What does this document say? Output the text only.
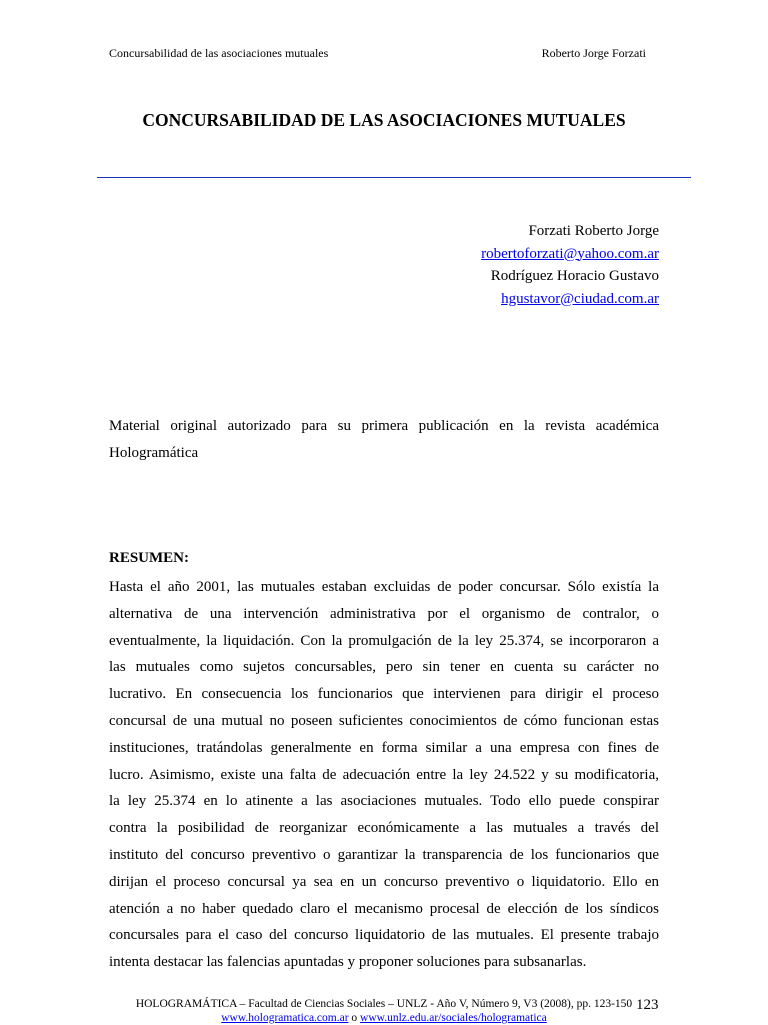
Concursabilidad de las asociaciones mutuales	Roberto Jorge Forzati
CONCURSABILIDAD DE LAS ASOCIACIONES MUTUALES
Forzati Roberto Jorge
robertoforzati@yahoo.com.ar
Rodríguez Horacio Gustavo
hgustavor@ciudad.com.ar
Material original autorizado para su primera publicación en la revista académica Hologramática
RESUMEN:
Hasta el año 2001, las mutuales estaban excluidas de poder concursar. Sólo existía la
alternativa de una intervención administrativa por el organismo de contralor, o
eventualmente, la liquidación. Con la promulgación de la ley 25.374, se incorporaron a
las mutuales como sujetos concursables, pero sin tener en cuenta su carácter no
lucrativo. En consecuencia los funcionarios que intervienen para dirigir el proceso
concursal de una mutual no poseen suficientes conocimientos de cómo funcionan estas
instituciones, tratándolas generalmente en forma similar a una empresa con fines de
lucro. Asimismo, existe una falta de adecuación entre la ley 24.522 y su modificatoria,
la ley 25.374 en lo atinente a las asociaciones mutuales. Todo ello puede conspirar
contra la posibilidad de reorganizar económicamente a las mutuales a través del
instituto del concurso preventivo o garantizar la transparencia de los funcionarios que
dirijan el proceso concursal ya sea en un concurso preventivo o liquidatorio. Ello en
atención a no haber quedado claro el mecanismo procesal de elección de los síndicos
concursales para el caso del concurso liquidatorio de las mutuales. El presente trabajo
intenta destacar las falencias apuntadas y proponer soluciones para subsanarlas.
HOLOGRAMÁTICA – Facultad de Ciencias Sociales – UNLZ - Año V, Número 9, V3 (2008), pp. 123-150
www.hologramatica.com.ar o www.unlz.edu.ar/sociales/hologramatica
123
